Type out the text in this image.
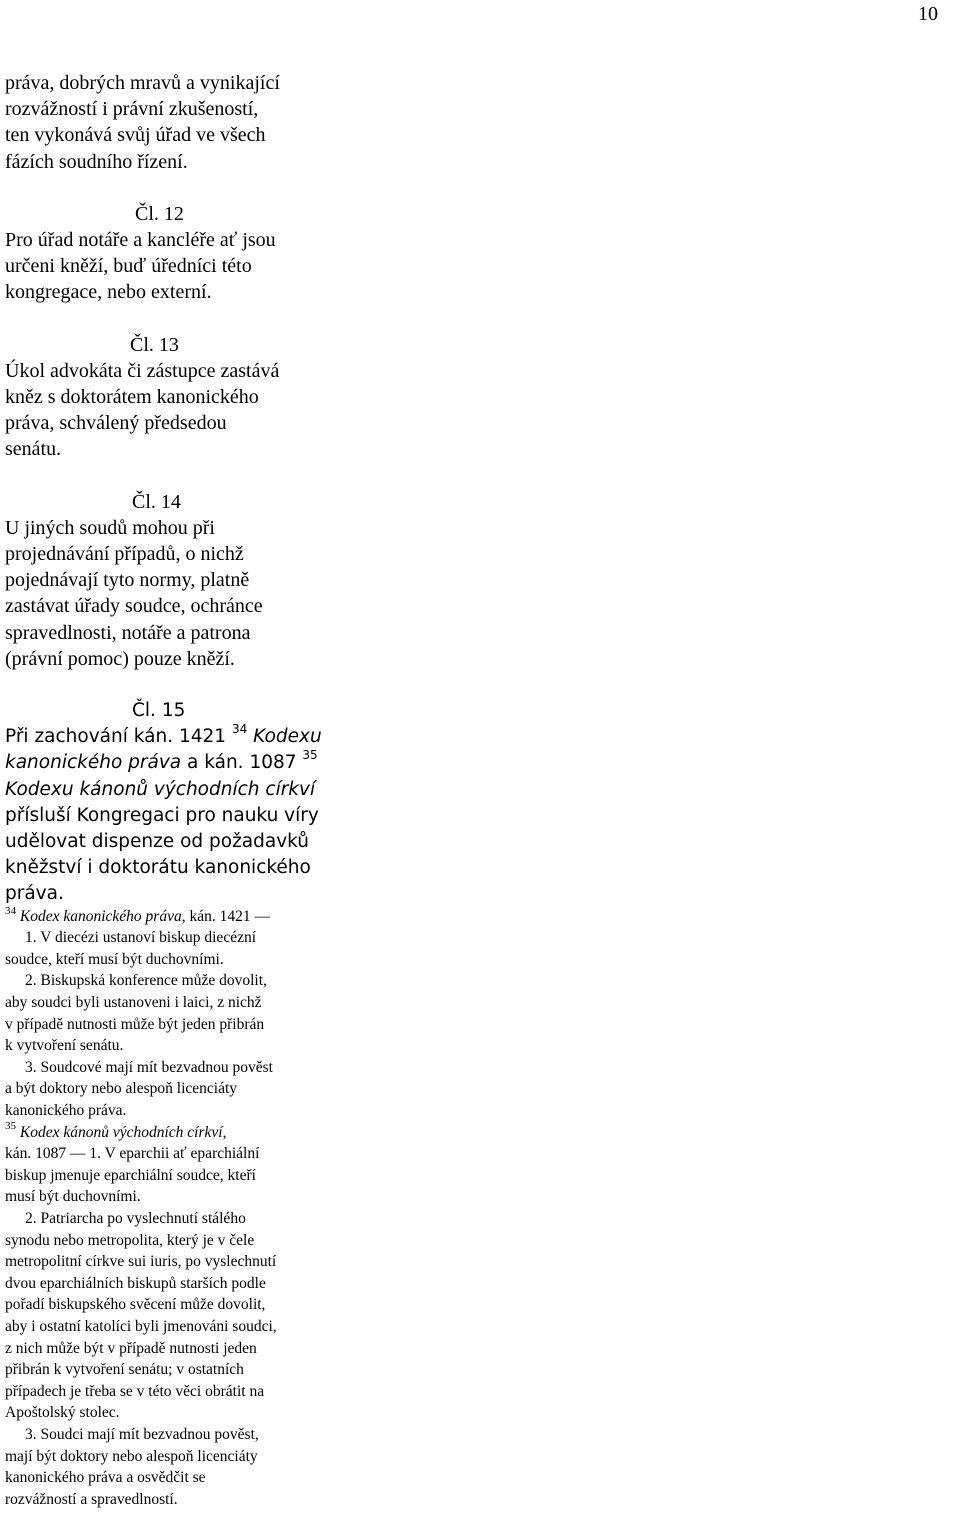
10
práva, dobrých mravů a vynikající
rozvážností i právní zkušeností,
ten vykonává svůj úřad ve všech
fázích soudního řízení.
Čl. 12
Pro úřad notáře a kancléře ať jsou
určeni kněží, buď úředníci této
kongregace, nebo externí.
Čl. 13
Úkol advokáta či zástupce zastává
kněz s doktorátem kanonického
práva, schválený předsedou
senátu.
Čl. 14
U jiných soudů mohou při
projednávání případů, o nichž
pojednávají tyto normy, platně
zastávat úřady soudce, ochránce
spravedlnosti, notáře a patrona
(právní pomoc) pouze kněží.
Čl. 15
Při zachování kán. 1421 $^{34}$ Kodexu
kanonického práva a kán. 1087 $^{35}$
Kodexu kánonů východních církví
přísluší Kongregaci pro nauku víry
udělovat dispenze od požadavků
kněžství i doktorátu kanonického
práva.
$^{34}$ Kodex kanonického práva, kán. 1421 —
1. V diecézi ustanoví biskup diecézní
soudce, kteří musí být duchovními.
2. Biskupská konference může dovolit,
aby soudci byli ustanoveni i laici, z nichž
v případě nutnosti může být jeden přibrán
k vytvoření senátu.
3. Soudcové mají mít bezvadnou pověst
a být doktory nebo alespoň licenciáty
kanonického práva.
$^{35}$ Kodex kánonů východních církví,
kán. 1087 — 1. V eparchii ať eparchiální
biskup jmenuje eparchiální soudce, kteří
musí být duchovními.
2. Patriarcha po vyslechnutí stálého
synodu nebo metropolita, který je v čele
metropolitní církve sui iuris, po vyslechnutí
dvou eparchiálních biskupů starších podle
pořadí biskupského svěcení může dovolit,
aby i ostatní katolíci byli jmenováni soudci,
z nich může být v případě nutnosti jeden
přibrán k vytvoření senátu; v ostatních
případech je třeba se v této věci obrátit na
Apoštolský stolec.
3. Soudci mají mít bezvadnou pověst,
mají být doktory nebo alespoň licenciáty
kanonického práva a osvědčit se
rozvážností a spravedlností.
